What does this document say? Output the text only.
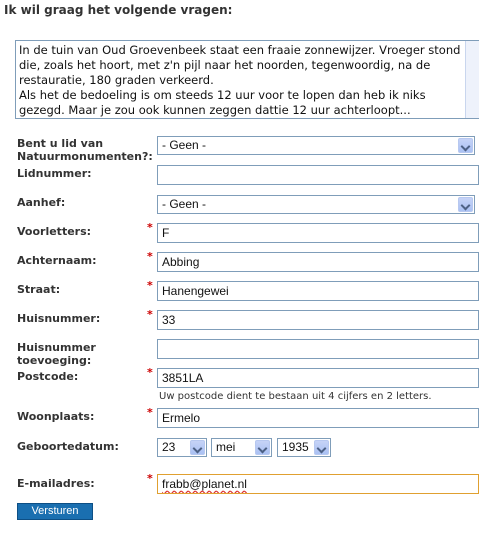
Ik wil graag het volgende vragen:
In de tuin van Oud Groevenbeek staat een fraaie zonnewijzer. Vroeger stond die, zoals het hoort, met z'n pijl naar het noorden, tegenwoordig, na de restauratie, 180 graden verkeerd.
Als het de bedoeling is om steeds 12 uur voor te lopen dan heb ik niks gezegd. Maar je zou ook kunnen zeggen dattie 12 uur achterloopt...
Bent u lid van Natuurmonumenten?:
- Geen -
Lidnummer:
Aanhef:	- Geen -
Voorletters:	* F
Achternaam:	* Abbing
Straat:	* Hanengewei
Huisnummer:	* 33
Huisnummer toevoeging:
Postcode:	* 3851LA
Uw postcode dient te bestaan uit 4 cijfers en 2 letters.
Woonplaats:	* Ermelo
Geboortedatum:	23	mei	1935
E-mailadres:	* frabb@planet.nl
Versturen
